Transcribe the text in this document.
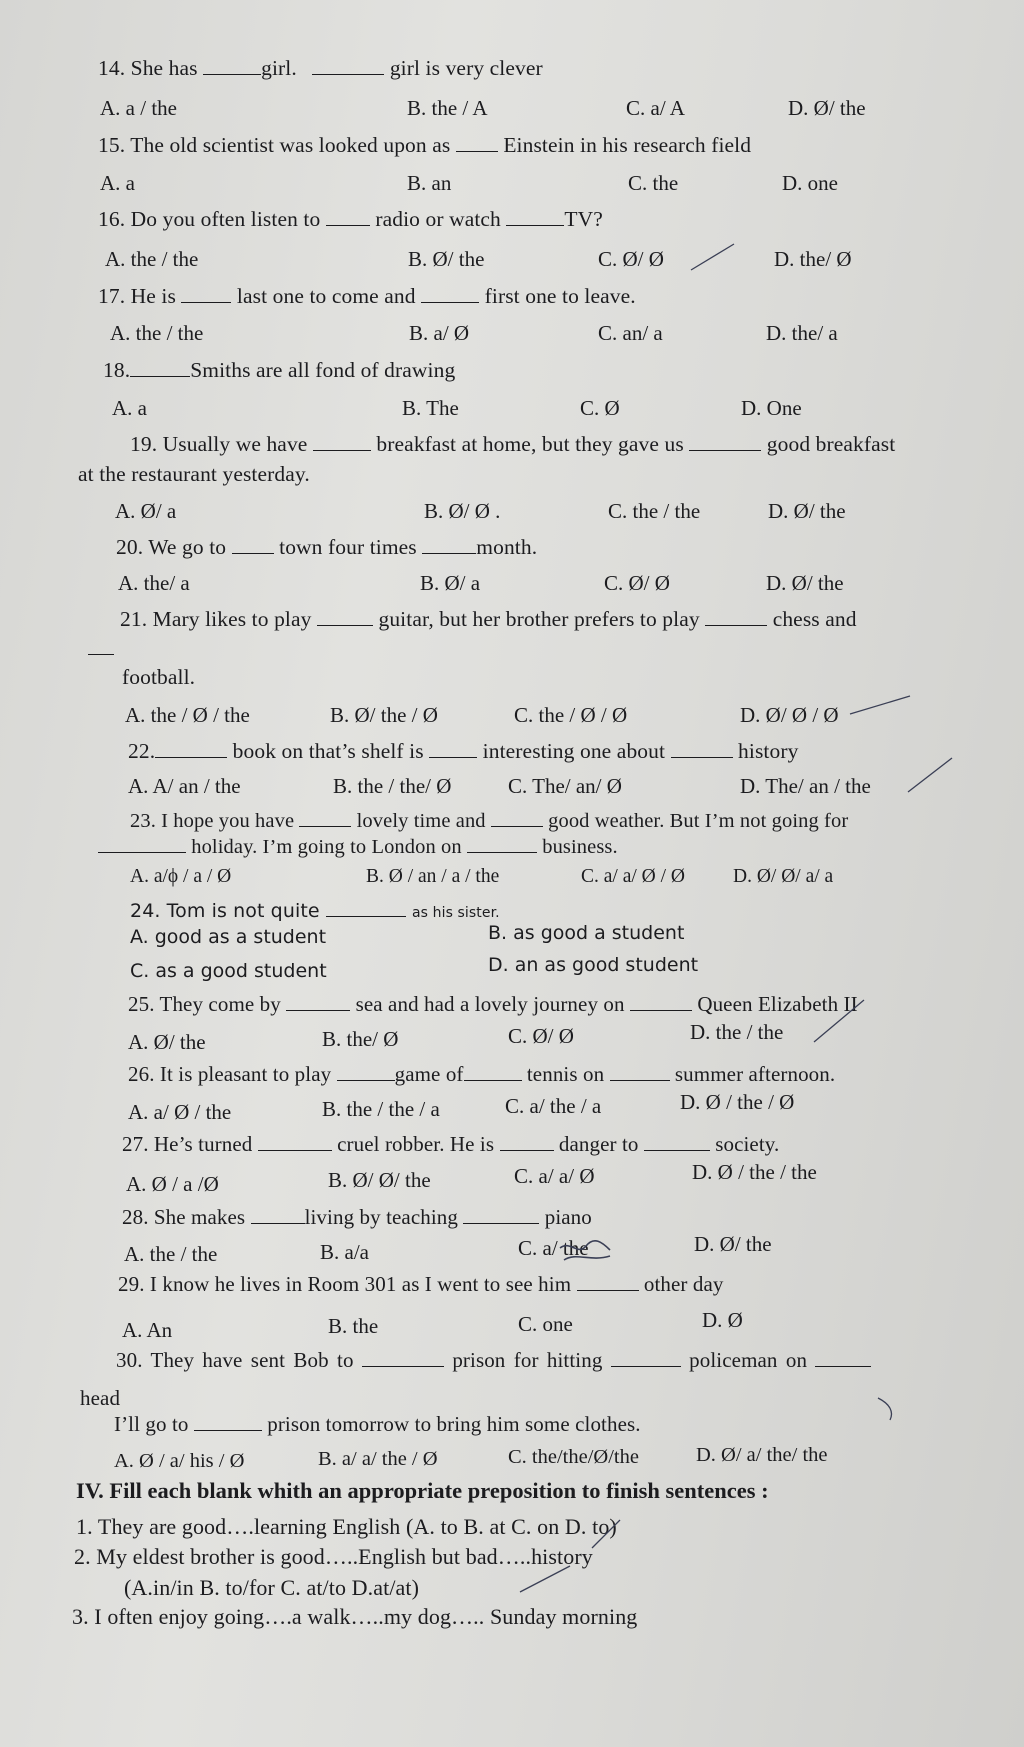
14. She has	girl.	girl is very clever
A. a / the	B. the / A	C. a/ A	D. Ø/ the
15. The old scientist was looked upon as Einstein in his research field
A. a	B. an	C. the	D. one
16. Do you often listen to	radio or watch	TV?
A. the / the	B. Ø/ the	C. Ø/ Ø	D. the/ Ø
17. He is	last one to come and	first one to leave.
A. the / the	B. a/ Ø	C. an/ a	D. the/ a
18.	Smiths are all fond of drawing
A. a	B. The	C. Ø	D. One
19. Usually we have	breakfast at home, but they gave us	good breakfast
at the restaurant yesterday.
A. Ø/ a	B. Ø/ Ø .	C. the / the	D. Ø/ the
20. We go to town four times	month.
A. the/ a	B. Ø/ a	C. Ø/ Ø	D. Ø/ the
21. Mary likes to play	guitar, but her brother prefers to play	chess and
football.
A. the / Ø / the	B. Ø/ the / Ø	C. the / Ø / Ø	D. Ø/ Ø / Ø
22.	book on that’s shelf is	interesting one about	history
A. A/ an / the	B. the / the/ Ø	C. The/ an/ Ø	D. The/ an / the
23. I hope you have	lovely time and	good weather. But I’m not going for
holiday. I’m going to London on	business.
A. a/ϕ / a / Ø	B. Ø / an / a / the	C. a/ a/ Ø / Ø D. Ø/ Ø/ a/ a
24. Tom is not quite	as his sister.
A. good as a student	B. as good a student
C. as a good student	D. an as good student
25. They come by	sea and had a lovely journey on	Queen Elizabeth II
A. Ø/ the	B. the/ Ø	C. Ø/ Ø	D. the / the
26. It is pleasant to play	game of	tennis on	summer afternoon.
A. a/ Ø / the	B. the / the / a	C. a/ the / a	D. Ø / the / Ø
27. He’s turned	cruel robber. He is	danger to	society.
A. Ø / a /Ø	B. Ø/ Ø/ the	C. a/ a/ Ø	D. Ø / the / the
28. She makes	living by teaching	piano
A. the / the	B. a/a	C. a/ the	D. Ø/ the
29. I know he lives in Room 301 as I went to see him	other day
A. An	B. the	C. one	D. Ø
30. They have sent Bob to	prison for hitting	policeman on
head
I’ll go to	prison tomorrow to bring him some clothes.
A. Ø / a/ his / Ø	B. a/ a/ the / Ø	C. the/the/Ø/the	D. Ø/ a/ the/ the
IV. Fill each blank whith an appropriate preposition to finish sentences :
1. They are good….learning English (A. to B. at C. on D. to)
2. My eldest brother is good…..English but bad…..history
(A.in/in B. to/for C. at/to D.at/at)
3. I often enjoy going….a walk…..my dog….. Sunday morning
